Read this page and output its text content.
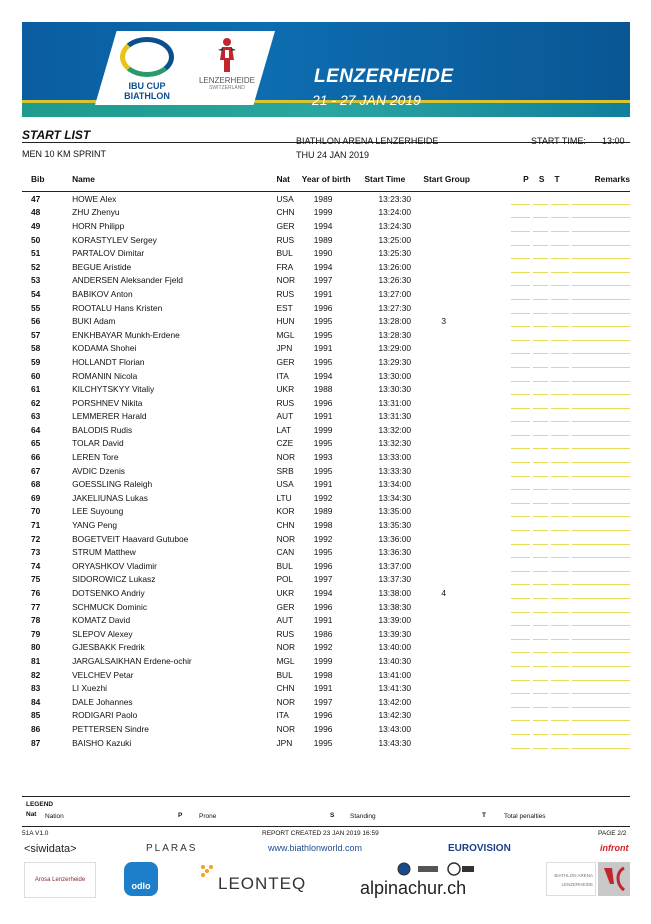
IBU CUP
BIATHLON
LENZERHEIDE
SWITZERLAND
LENZERHEIDE
21 - 27 JAN 2019
START LIST
MEN 10 KM SPRINT
BIATHLON ARENA LENZERHEIDE
THU 24 JAN 2019
START TIME: 13:00
Bib	Name	Nat	Year of birth	Start Time	Start Group	P	S	T	Remarks
47	HOWE Alex	USA	1989	13:23:30		

48	ZHU Zhenyu	CHN	1999	13:24:00		

49	HORN Philipp	GER	1994	13:24:30		

50	KORASTYLEV Sergey	RUS	1989	13:25:00		

51	PARTALOV Dimitar	BUL	1990	13:25:30		

52	BEGUE Aristide	FRA	1994	13:26:00		

53	ANDERSEN Aleksander Fjeld	NOR	1997	13:26:30		

54	BABIKOV Anton	RUS	1991	13:27:00		

55	ROOTALU Hans Kristen	EST	1996	13:27:30		

56	BUKI Adam	HUN	1995	13:28:00	3	

57	ENKHBAYAR Munkh-Erdene	MGL	1995	13:28:30		

58	KODAMA Shohei	JPN	1991	13:29:00		

59	HOLLANDT Florian	GER	1995	13:29:30		

60	ROMANIN Nicola	ITA	1994	13:30:00		

61	KILCHYTSKYY Vitaliy	UKR	1988	13:30:30		

62	PORSHNEV Nikita	RUS	1996	13:31:00		

63	LEMMERER Harald	AUT	1991	13:31:30		

64	BALODIS Rudis	LAT	1999	13:32:00		

65	TOLAR David	CZE	1995	13:32:30		

66	LEREN Tore	NOR	1993	13:33:00		

67	AVDIC Dzenis	SRB	1995	13:33:30		

68	GOESSLING Raleigh	USA	1991	13:34:00		

69	JAKELIUNAS Lukas	LTU	1992	13:34:30		

70	LEE Suyoung	KOR	1989	13:35:00		

71	YANG Peng	CHN	1998	13:35:30		

72	BOGETVEIT Haavard Gutuboe	NOR	1992	13:36:00		

73	STRUM Matthew	CAN	1995	13:36:30		

74	ORYASHKOV Vladimir	BUL	1996	13:37:00		

75	SIDOROWICZ Lukasz	POL	1997	13:37:30		

76	DOTSENKO Andriy	UKR	1994	13:38:00	4	

77	SCHMUCK Dominic	GER	1996	13:38:30		

78	KOMATZ David	AUT	1991	13:39:00		

79	SLEPOV Alexey	RUS	1986	13:39:30		

80	GJESBAKK Fredrik	NOR	1992	13:40:00		

81	JARGALSAIKHAN Erdene-ochir	MGL	1999	13:40:30		

82	VELCHEV Petar	BUL	1998	13:41:00		

83	LI Xuezhi	CHN	1991	13:41:30		

84	DALE Johannes	NOR	1997	13:42:00		

85	RODIGARI Paolo	ITA	1996	13:42:30		

86	PETTERSEN Sindre	NOR	1996	13:43:00		

87	BAISHO Kazuki	JPN	1995	13:43:30		

LEGEND
Nat Nation	P	Prone	S Standing	T	Total penalties
51A V1.0	REPORT CREATED 23 JAN 2019 16:59	PAGE 2/2
<siwidata>	PLARAS	www.biathlonworld.com	EUROVISION	infront
Arosa Lenzerheide
odlo	LEONTEQ	alpinachur.ch
BIATHLON ARENA LENZERHEIDE
